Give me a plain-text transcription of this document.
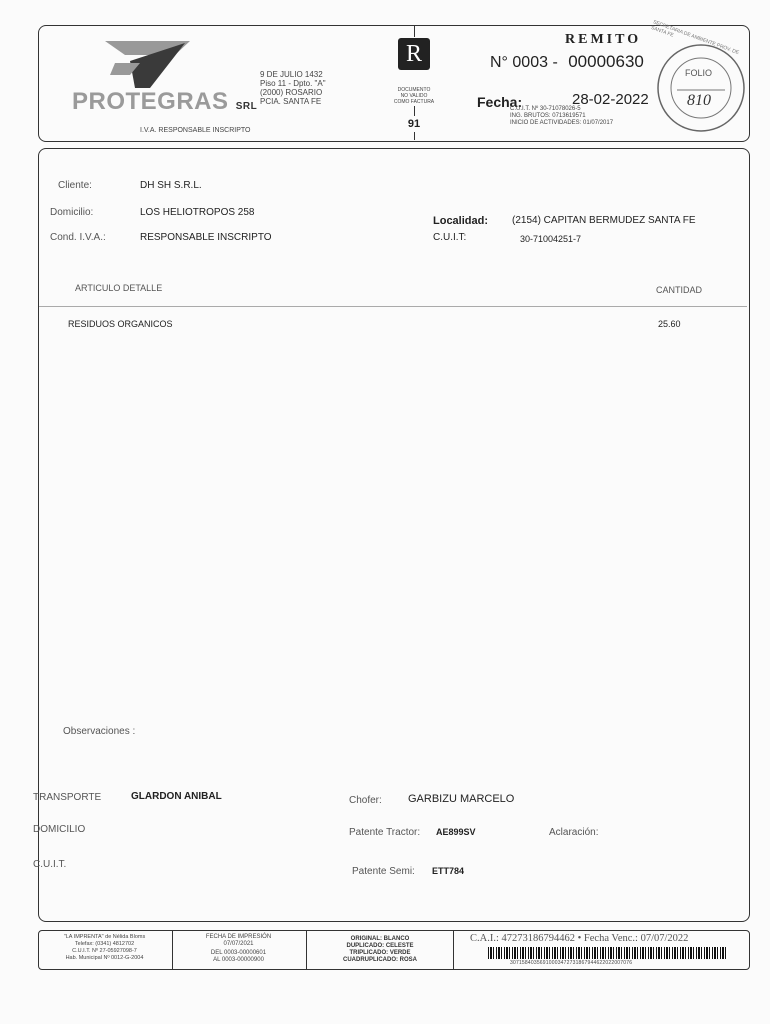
PROTEGRAS SRL
I.V.A. RESPONSABLE INSCRIPTO
9 DE JULIO 1432
Piso 11 - Dpto. "A"
(2000) ROSARIO
PCIA. SANTA FE
R
DOCUMENTO
NO VALIDO
COMO FACTURA
91
REMITO
N° 0003 - 00000630
Fecha:	28-02-2022
C.U.I.T. Nº 30-71078026-5
ING. BRUTOS: 0713619571
INICIO DE ACTIVIDADES: 01/07/2017
FOLIO
810
SECRETARIA DE AMBIENTE PROV. DE SANTA FE
Cliente:	DH SH S.R.L.
Domicilio:	LOS HELIOTROPOS 258
Cond. I.V.A.:	RESPONSABLE INSCRIPTO
Localidad: (2154) CAPITAN BERMUDEZ SANTA FE
C.U.I.T:	30-71004251-7
ARTICULO DETALLE	CANTIDAD
RESIDUOS ORGANICOS	25.60
Observaciones :
TRANSPORTE	GLARDON ANIBAL	Chofer: GARBIZU MARCELO
DOMICILIO	Patente Tractor: AE899SV	Aclaración:
C.U.I.T.
Patente Semi: ETT784
"LA IMPRENTA" de Nélida Bloms
Telefax: (0341) 4812702
C.U.I.T. Nº 27-05927098-7
Hab. Municipal Nº 0012-G-2004
FECHA DE IMPRESIÓN
07/07/2021
DEL 0003-00000601
AL 0003-00000900
ORIGINAL: BLANCO
DUPLICADO: CELESTE
TRIPLICADO: VERDE
CUADRUPLICADO: ROSA
C.A.I.: 47273186794462 • Fecha Venc.: 07/07/2022
30715840356910003472731867944622022007076
